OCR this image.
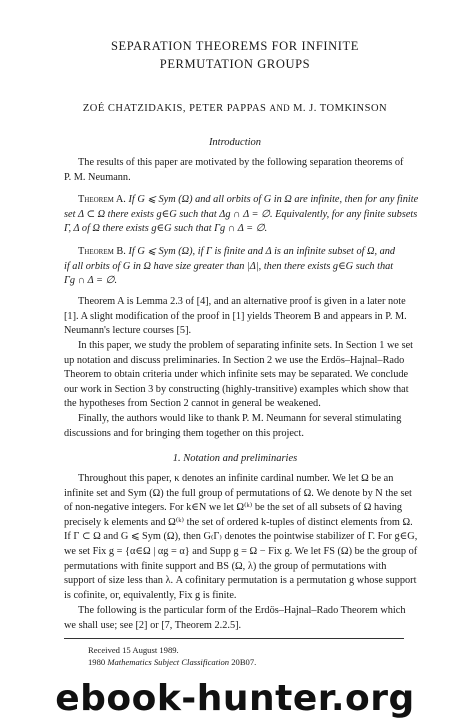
SEPARATION THEOREMS FOR INFINITE
PERMUTATION GROUPS
ZOÉ CHATZIDAKIS, PETER PAPPAS AND M. J. TOMKINSON
Introduction
The results of this paper are motivated by the following separation theorems of
P. M. Neumann.
Theorem A. If G ⩽ Sym (Ω) and all orbits of G in Ω are infinite, then for any finite
set Δ ⊂ Ω there exists g∈G such that Δg ∩ Δ = ∅. Equivalently, for any finite subsets
Γ, Δ of Ω there exists g∈G such that Γg ∩ Δ = ∅.
Theorem B. If G ⩽ Sym (Ω), if Γ is finite and Δ is an infinite subset of Ω, and
if all orbits of G in Ω have size greater than |Δ|, then there exists g∈G such that
Γg ∩ Δ = ∅.
Theorem A is Lemma 2.3 of [4], and an alternative proof is given in a later note
[1]. A slight modification of the proof in [1] yields Theorem B and appears in P. M.
Neumann's lecture courses [5].
In this paper, we study the problem of separating infinite sets. In Section 1 we set
up notation and discuss preliminaries. In Section 2 we use the Erdös–Hajnal–Rado
Theorem to obtain criteria under which infinite sets may be separated. We conclude
our work in Section 3 by constructing (highly-transitive) examples which show that
the hypotheses from Section 2 cannot in general be weakened.
Finally, the authors would like to thank P. M. Neumann for several stimulating
discussions and for bringing them together on this project.
1. Notation and preliminaries
Throughout this paper, κ denotes an infinite cardinal number. We let Ω be an
infinite set and Sym (Ω) the full group of permutations of Ω. We denote by N the set
of non-negative integers. For k∈N we let Ω⁽ᵏ⁾ be the set of all subsets of Ω having
precisely k elements and Ω⁽ᵏ⁾ the set of ordered k-tuples of distinct elements from Ω.
If Γ ⊂ Ω and G ⩽ Sym (Ω), then G₍Γ₎ denotes the pointwise stabilizer of Γ. For g∈G,
we set Fix g = {α∈Ω | αg = α} and Supp g = Ω − Fix g. We let FS (Ω) be the group of
permutations with finite support and BS (Ω, λ) the group of permutations with
support of size less than λ. A cofinitary permutation is a permutation g whose support
is cofinite, or, equivalently, Fix g is finite.
The following is the particular form of the Erdös–Hajnal–Rado Theorem which
we shall use; see [2] or [7, Theorem 2.2.5].
Received 15 August 1989.
1980 Mathematics Subject Classification 20B07.
ebook-hunter.org
